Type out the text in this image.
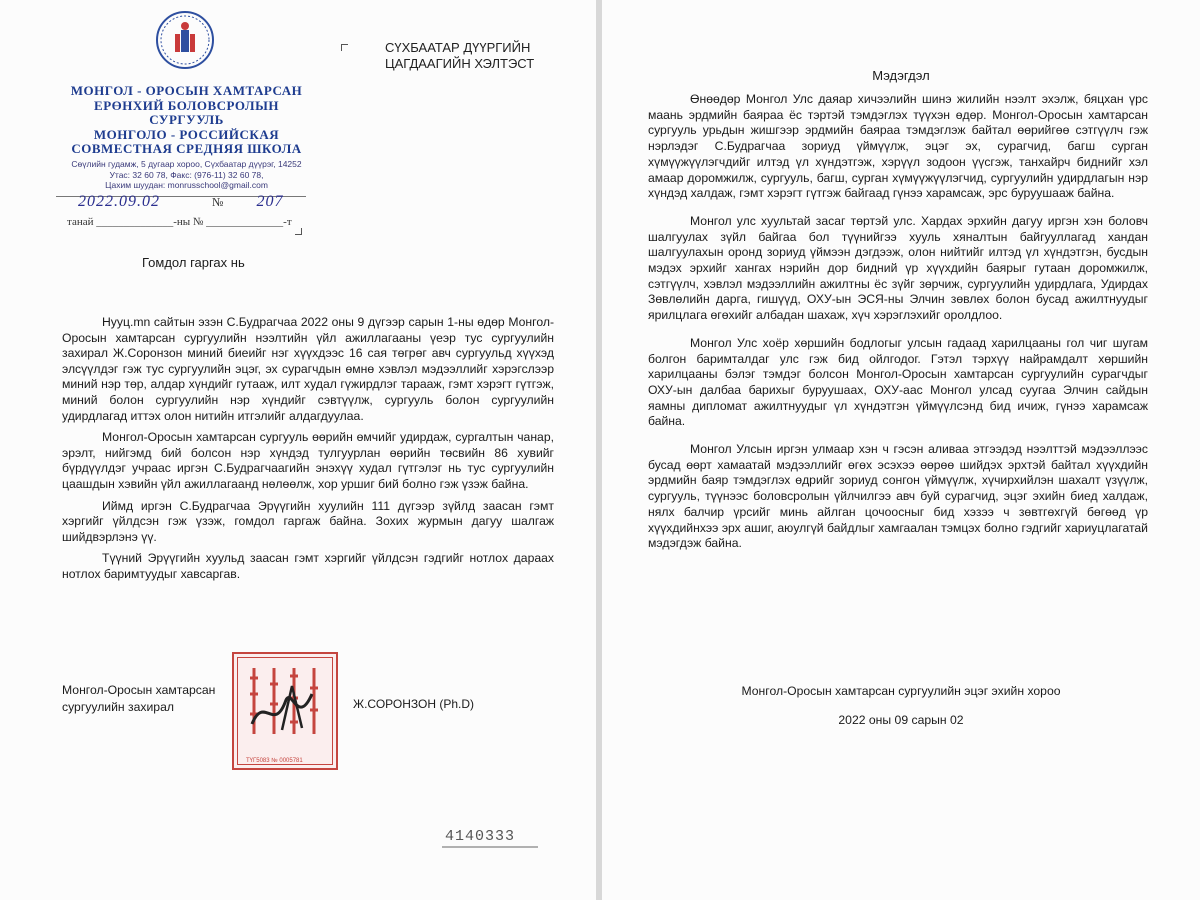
МОНГОЛ - ОРОСЫН ХАМТАРСАН
ЕРӨНХИЙ БОЛОВСРОЛЫН
СУРГУУЛЬ
МОНГОЛО - РОССИЙСКАЯ
СОВМЕСТНАЯ СРЕДНЯЯ ШКОЛА
Сөүлийн гудамж, 5 дугаар хороо, Сүхбаатар дүүрэг, 14252
Утас: 32 60 78, Факс: (976-11) 32 60 78,
Цахим шуудан: monrusschool@gmail.com
СҮХБААТАР ДҮҮРГИЙН
ЦАГДААГИЙН ХЭЛТЭСТ
2022.09.02	№ 207
танай ______________-ны № ______________-т
Гомдол гаргах нь

Нууц.mn сайтын эзэн С.Будрагчаа 2022 оны 9 дүгээр сарын 1-ны өдөр Монгол-Оросын хамтарсан сургуулийн нээлтийн үйл ажиллагааны үеэр тус сургуулийн захирал Ж.Соронзон миний биеийг нэг хүүхдээс 16 сая төгрөг авч сургуульд хүүхэд элсүүлдэг гэж тус сургуулийн эцэг, эх сурагчдын өмнө хэвлэл мэдээллийг хэрэгслээр миний нэр төр, алдар хүндийг гутааж, илт худал гүжирдлэг тарааж, гэмт хэрэгт гүтгэж, миний болон сургуулийн нэр хүндийг сэвтүүлж, сургууль болон сургуулийн удирдлагад иттэх олон нитийн итгэлийг алдагдуулаа.

Монгол-Оросын хамтарсан сургууль өөрийн өмчийг удирдаж, сургалтын чанар, эрэлт, нийгэмд бий болсон нэр хүндэд тулгуурлан өөрийн төсвийн 86 хувийг бүрдүүлдэг учраас иргэн С.Будрагчаагийн энэхүү худал гүтгэлэг нь тус сургуулийн цаашдын хэвийн үйл ажиллагаанд нөлөөлж, хор уршиг бий болно гэж үзэж байна.

Иймд иргэн С.Будрагчаа Эрүүгийн хуулийн 111 дүгээр зүйлд заасан гэмт хэргийг үйлдсэн гэж үзэж, гомдол гаргаж байна. Зохих журмын дагуу шалгаж шийдвэрлэнэ үү.

Түүний Эрүүгийн хуульд заасан гэмт хэргийг үйлдсэн гэдгийг нотлох дараах нотлох баримтуудыг хавсаргав.

Монгол-Оросын хамтарсан
сургуулийн захирал
ТҮГ5083 № 0005781
Ж.СОРОНЗОН (Ph.D)
4140333
Мэдэгдэл

Өнөөдөр Монгол Улс даяар хичээлийн шинэ жилийн нээлт эхэлж, бяцхан үрс маань эрдмийн баяраа ёс тэртэй тэмдэглэх түүхэн өдөр. Монгол-Оросын хамтарсан сургууль урьдын жишгээр эрдмийн баяраа тэмдэглэж байтал өөрийгөө сэтгүүлч гэж нэрлэдэг С.Будрагчаа зориуд үймүүлж, эцэг эх, сурагчид, багш сурган хүмүүжүүлэгчдийг илтэд үл хүндэтгэж, хэрүүл зодоон үүсгэж, танхайрч биднийг хэл амаар доромжилж, сургууль, багш, сурган хүмүүжүүлэгчид, сургуулийн удирдлагын нэр хүндэд халдаж, гэмт хэрэгт гүтгэж байгаад гүнээ харамсаж, эрс буруушааж байна.

Монгол улс хуультай засаг төртэй улс. Хардах эрхийн дагуу иргэн хэн боловч шалгуулах зүйл байгаа бол түүнийгээ хууль хяналтын байгууллагад хандан шалгуулахын оронд зориуд үймээн дэгдээж, олон нийтийг илтэд үл хүндэтгэн, бусдын мэдэх эрхийг хангах нэрийн дор бидний үр хүүхдийн баярыг гутаан доромжилж, сэтгүүлч, хэвлэл мэдээллийн ажилтны ёс зүйг зөрчиж, сургуулийн удирдлага, Удирдах Зөвлөлийн дарга, гишүүд, ОХУ-ын ЭСЯ-ны Элчин зөвлөх болон бусад ажилтнуудыг ярилцлага өгөхийг албадан шахаж, хүч хэрэглэхийг оролдлоо.

Монгол Улс хоёр хөршийн бодлогыг улсын гадаад харилцааны гол чиг шугам болгон баримталдаг улс гэж бид ойлгодог. Гэтэл тэрхүү найрамдалт хөршийн харилцааны бэлэг тэмдэг болсон Монгол-Оросын хамтарсан сургуулийн сурагчдыг ОХУ-ын далбаа барихыг буруушаах, ОХУ-аас Монгол улсад суугаа Элчин сайдын яамны дипломат ажилтнуудыг үл хүндэтгэн үймүүлсэнд бид ичиж, гүнээ харамсаж байна.

Монгол Улсын иргэн улмаар хэн ч гэсэн аливаа этгээдэд нээлттэй мэдээллээс бусад өөрт хамаатай мэдээллийг өгөх эсэхээ өөрөө шийдэх эрхтэй байтал хүүхдийн эрдмийн баяр тэмдэглэх өдрийг зориуд сонгон үймүүлж, хүчирхийлэн шахалт үзүүлж, сургууль, түүнээс боловсролын үйлчилгээ авч буй сурагчид, эцэг эхийн биед халдаж, нялх балчир үрсийг минь айлган цочоосныг бид хэзээ ч зөвтгөхгүй бөгөөд үр хүүхдийнхээ эрх ашиг, аюулгүй байдлыг хамгаалан тэмцэх болно гэдгийг хариуцлагатай мэдэгдэж байна.

Монгол-Оросын хамтарсан сургуулийн эцэг эхийн хороо
2022 оны 09 сарын 02
